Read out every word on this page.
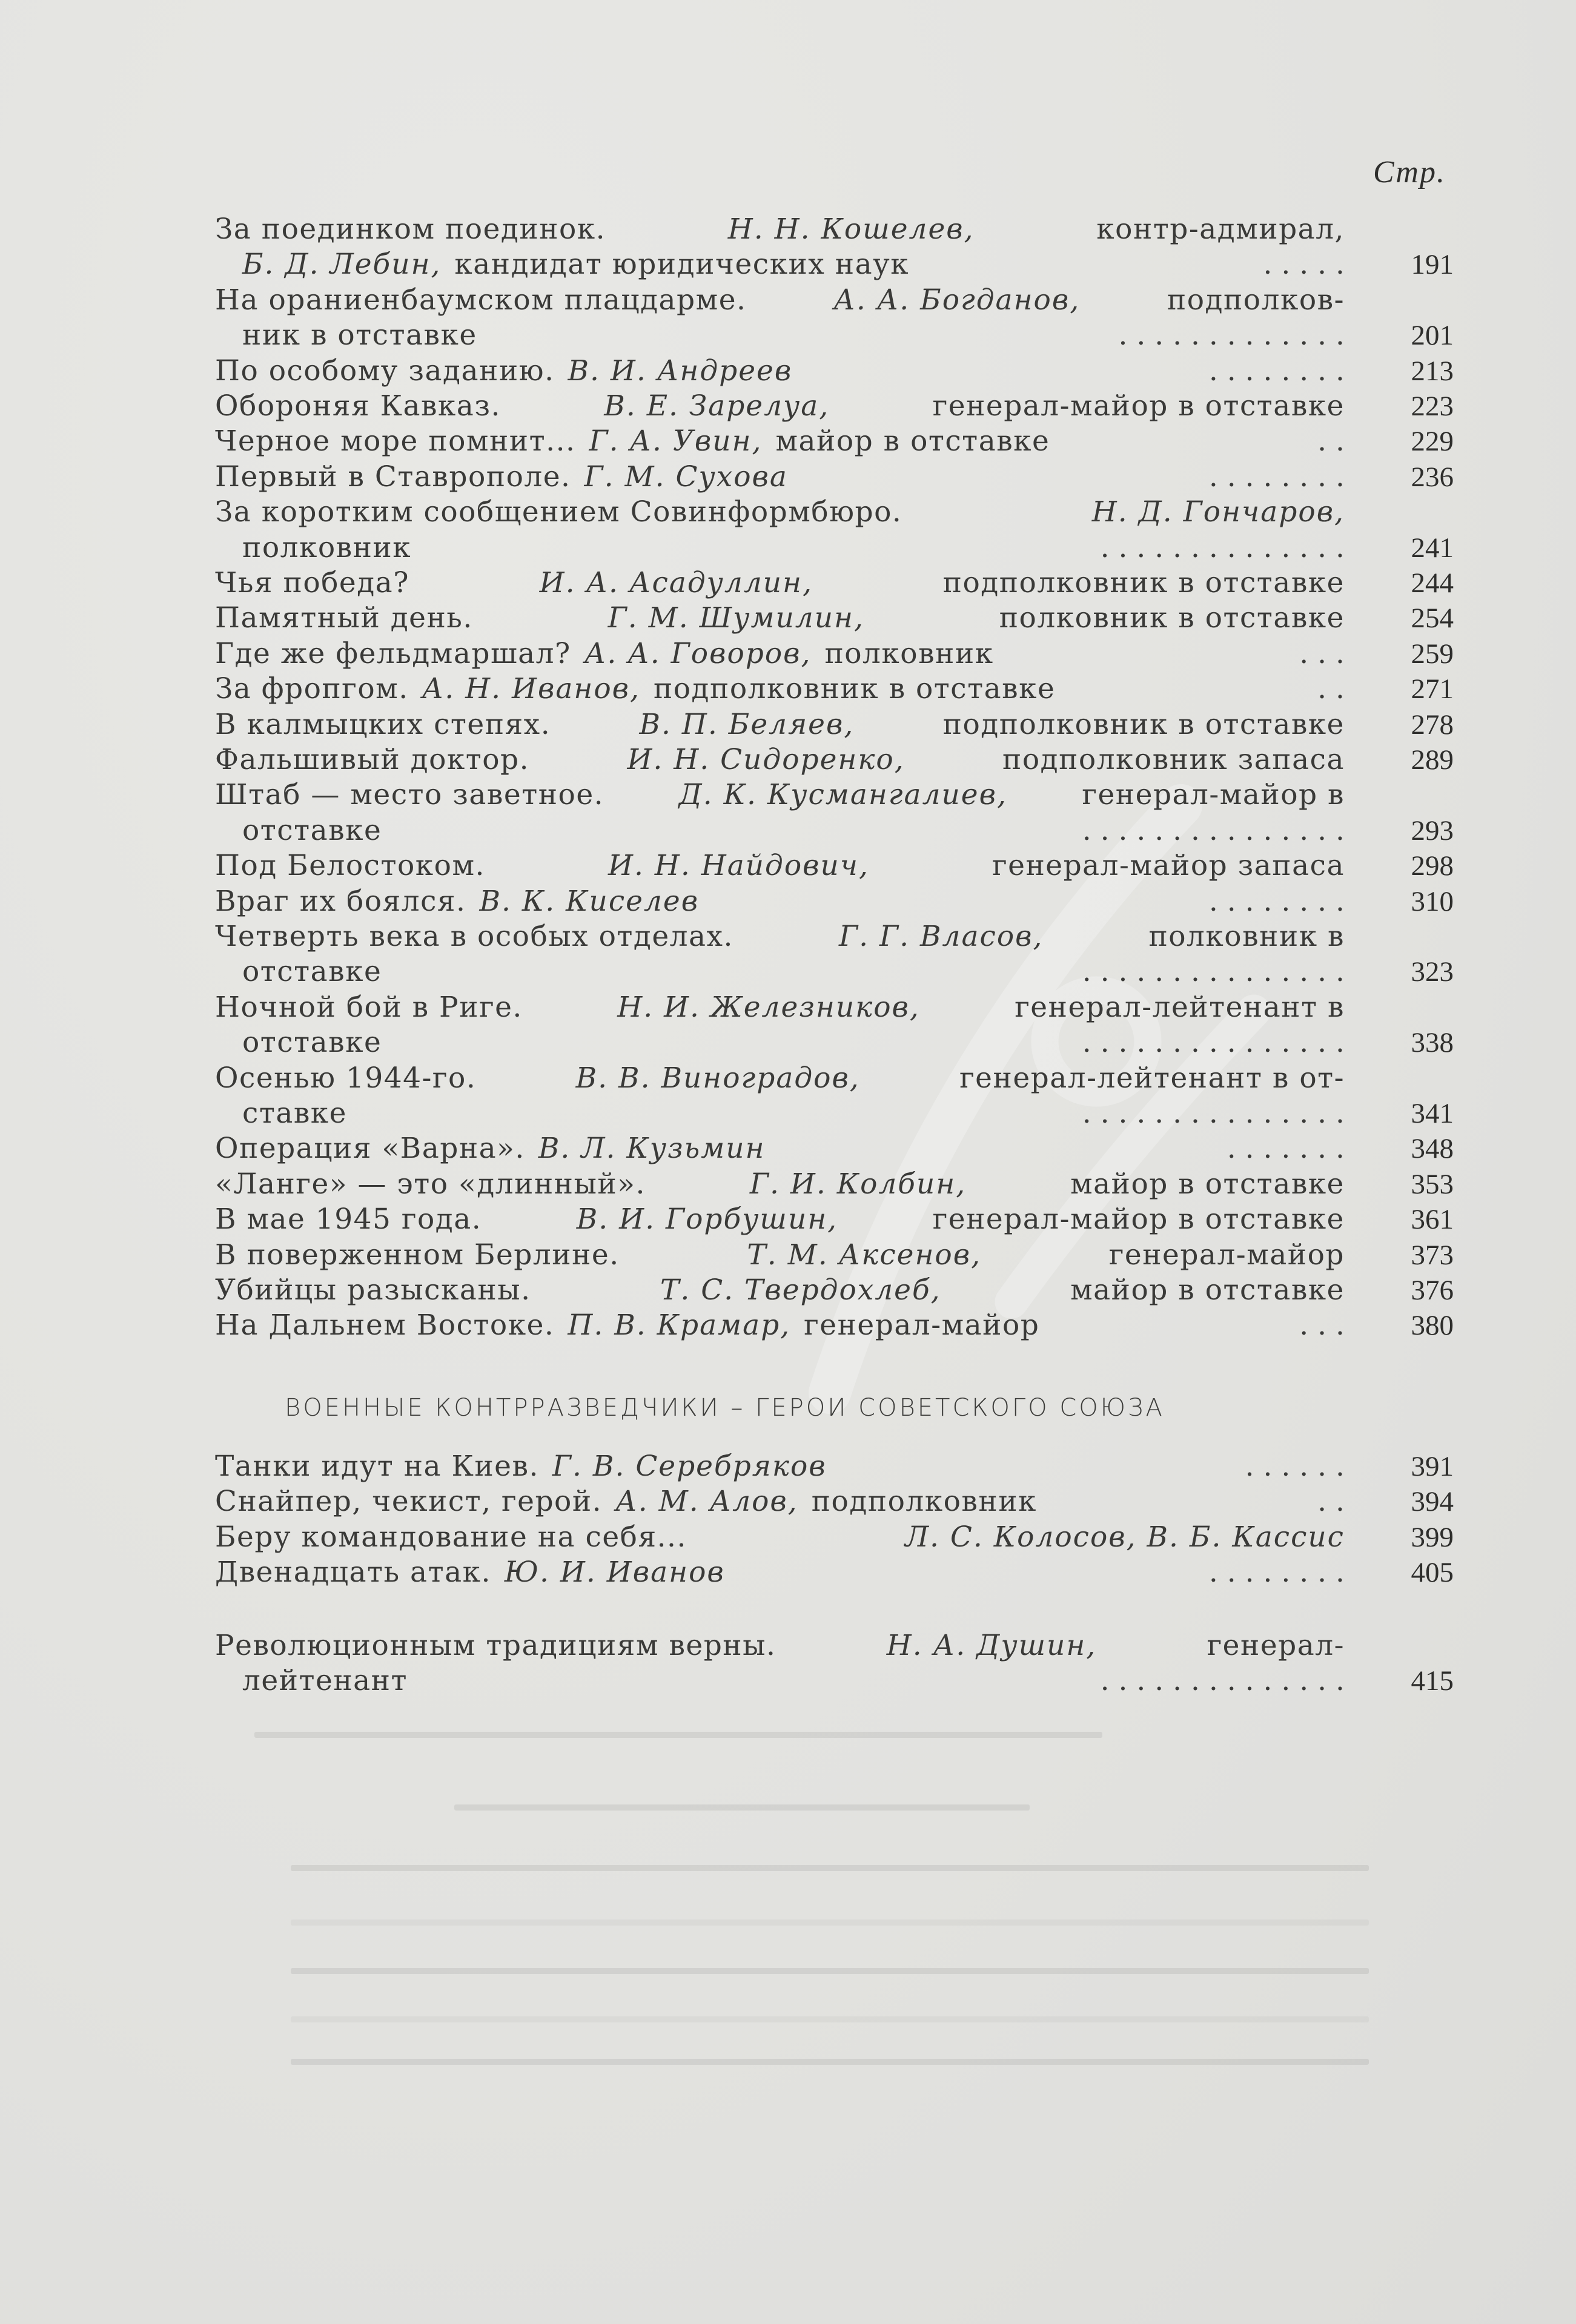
Стр.
За поединком поединок.	Н. Н. Кошелев,	контр-адмирал,
Б. Д. Лебин, кандидат юридических наук	. . . . .	191
На ораниенбаумском плацдарме.	А. А. Богданов,	подполков-
ник в отставке	. . . . . . . . . . . . .	201
По особому заданию. В. И. Андреев	. . . . . . . .	213
Обороняя Кавказ.	В. Е. Зарелуа,	генерал-майор в отставке	223
Черное море помнит... Г. А. Увин, майор в отставке	. .	229
Первый в Ставрополе. Г. М. Сухова	. . . . . . . .	236
За коротким сообщением Совинформбюро.	Н. Д. Гончаров,
полковник	. . . . . . . . . . . . . .	241
Чья победа?	И. А. Асадуллин,	подполковник в отставке	244
Памятный день.	Г. М. Шумилин,	полковник в отставке	254
Где же фельдмаршал? А. А. Говоров, полковник	. . .	259
За фропгом. А. Н. Иванов, подполковник в отставке	. .	271
В калмыцких степях.	В. П. Беляев,	подполковник в отставке	278
Фальшивый доктор.	И. Н. Сидоренко,	подполковник запаса	289
Штаб — место заветное.	Д. К. Кусмангалиев,	генерал-майор в
отставке	. . . . . . . . . . . . . . .	293
Под Белостоком.	И. Н. Найдович,	генерал-майор запаса	298
Враг их боялся. В. К. Киселев	. . . . . . . .	310
Четверть века в особых отделах.	Г. Г. Власов,	полковник в
отставке	. . . . . . . . . . . . . . .	323
Ночной бой в Риге.	Н. И. Железников,	генерал-лейтенант в
отставке	. . . . . . . . . . . . . . .	338
Осенью 1944-го.	В. В. Виноградов,	генерал-лейтенант в от-
ставке	. . . . . . . . . . . . . . .	341
Операция «Варна». В. Л. Кузьмин	. . . . . . .	348
«Ланге» — это «длинный».	Г. И. Колбин,	майор в отставке	353
В мае 1945 года.	В. И. Горбушин,	генерал-майор в отставке	361
В поверженном Берлине.	Т. М. Аксенов,	генерал-майор	373
Убийцы разысканы.	Т. С. Твердохлеб,	майор в отставке	376
На Дальнем Востоке. П. В. Крамар, генерал-майор	. . .	380
ВОЕННЫЕ КОНТРРАЗВЕДЧИКИ – ГЕРОИ СОВЕТСКОГО СОЮЗА
Танки идут на Киев. Г. В. Серебряков	. . . . . .	391
Снайпер, чекист, герой. А. М. Алов, подполковник	. .	394
Беру командование на себя...	Л. С. Колосов, В. Б. Кассис	399
Двенадцать атак. Ю. И. Иванов	. . . . . . . .	405
Революционным традициям верны.	Н. А. Душин,	генерал-
лейтенант	. . . . . . . . . . . . . .	415
